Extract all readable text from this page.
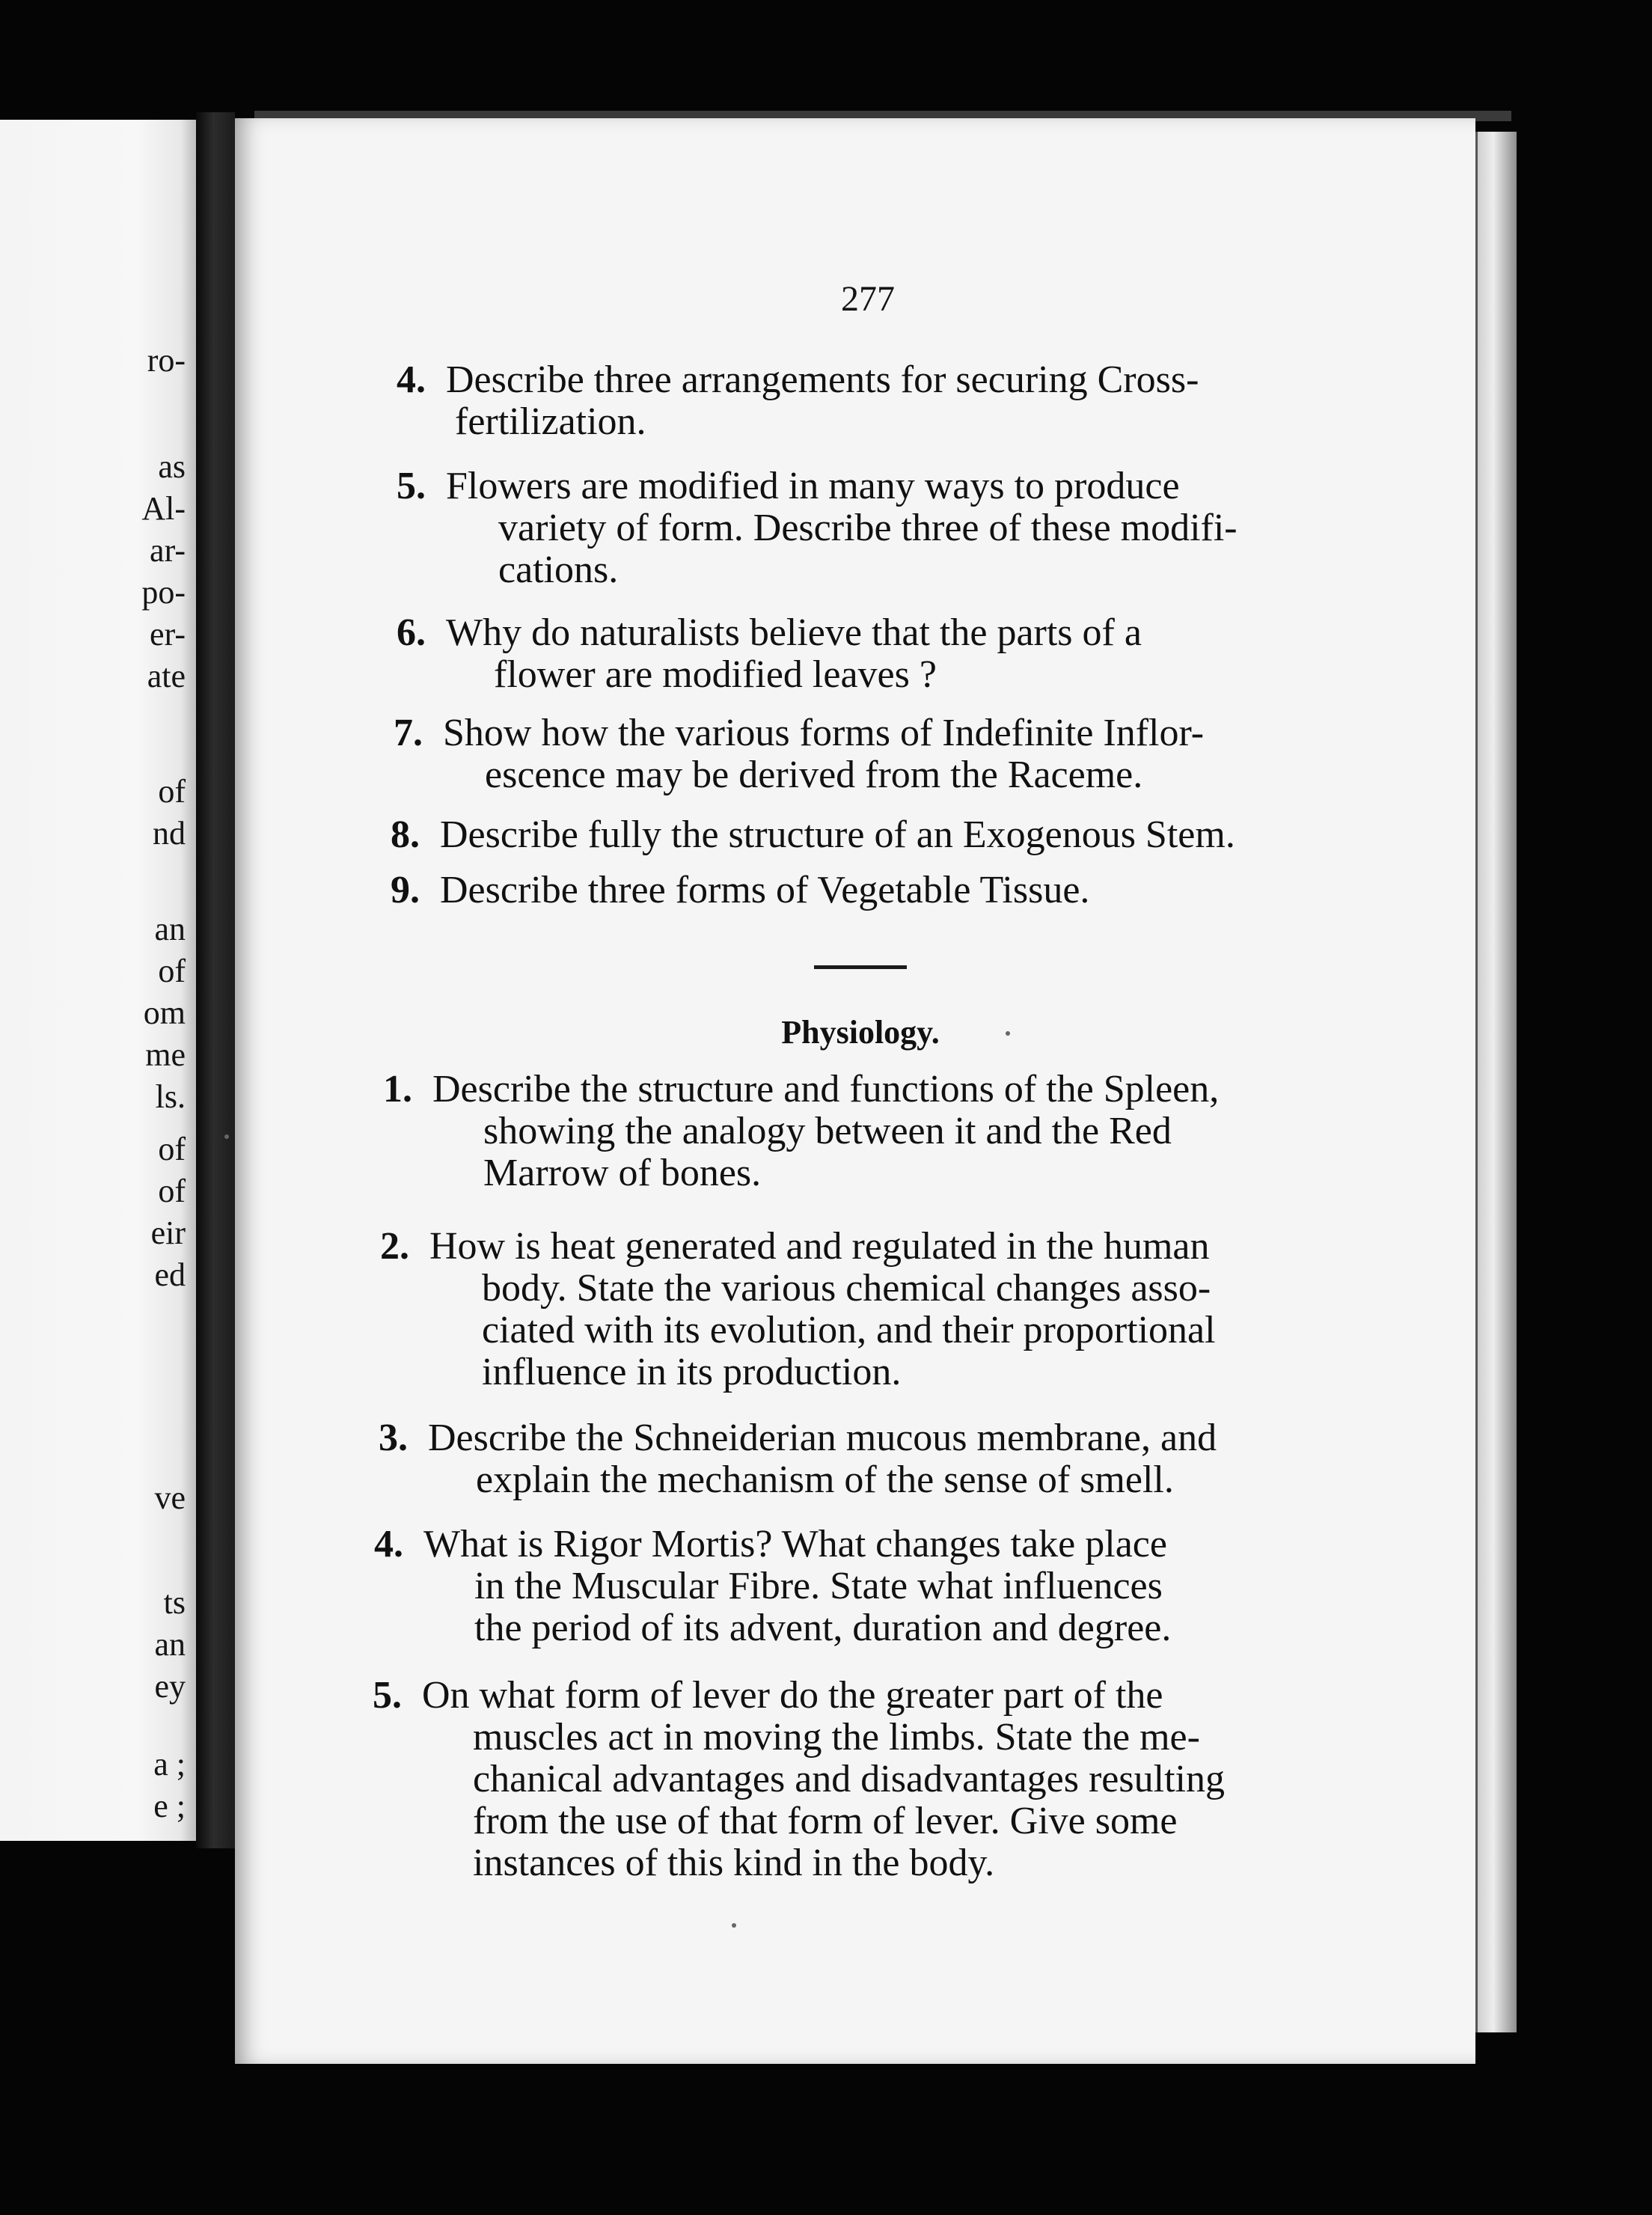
ro-
as
Al-
ar-
po-
er-
ate
of
nd
an
of
om
me
ls.
of
of
eir
ed
ve
ts
an
ey
a ;
e ;
277
4. Describe three arrangements for securing Cross-
fertilization.
5. Flowers are modified in many ways to produce
variety of form. Describe three of these modifi-
cations.
6. Why do naturalists believe that the parts of a
flower are modified leaves ?
7. Show how the various forms of Indefinite Inflor-
escence may be derived from the Raceme.
8. Describe fully the structure of an Exogenous Stem.
9. Describe three forms of Vegetable Tissue.
Physiology.
1. Describe the structure and functions of the Spleen,
showing the analogy between it and the Red
Marrow of bones.
2. How is heat generated and regulated in the human
body. State the various chemical changes asso-
ciated with its evolution, and their proportional
influence in its production.
3. Describe the Schneiderian mucous membrane, and
explain the mechanism of the sense of smell.
4. What is Rigor Mortis? What changes take place
in the Muscular Fibre. State what influences
the period of its advent, duration and degree.
5. On what form of lever do the greater part of the
muscles act in moving the limbs. State the me-
chanical advantages and disadvantages resulting
from the use of that form of lever. Give some
instances of this kind in the body.
